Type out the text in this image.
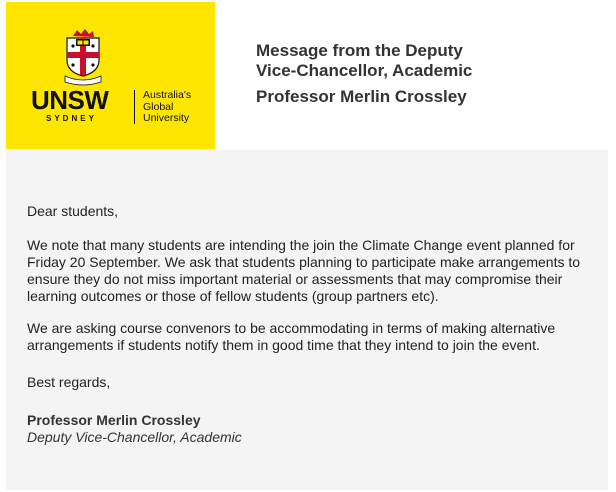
UNSW
SYDNEY
Australia's
Global
University
Message from the Deputy
Vice-Chancellor, Academic
Professor Merlin Crossley

Dear students,

We note that many students are intending the join the Climate Change event planned for Friday 20 September. We ask that students planning to participate make arrangements to ensure they do not miss important material or assessments that may compromise their learning outcomes or those of fellow students (group partners etc).

We are asking course convenors to be accommodating in terms of making alternative arrangements if students notify them in good time that they intend to join the event.

Best regards,

Professor Merlin Crossley
Deputy Vice-Chancellor, Academic
